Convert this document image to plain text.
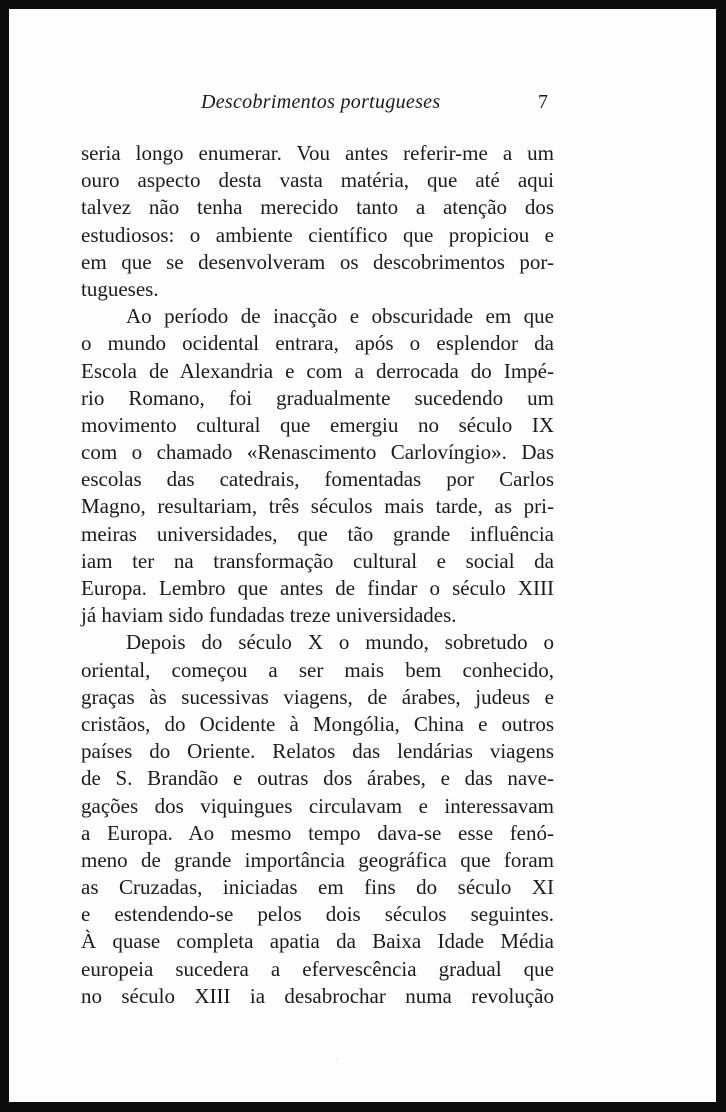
Descobrimentos portugueses	7
seria longo enumerar. Vou antes referir-me a um
ouro aspecto desta vasta matéria, que até aqui
talvez não tenha merecido tanto a atenção dos
estudiosos: o ambiente científico que propiciou e
em que se desenvolveram os descobrimentos por-
tugueses.
Ao período de inacção e obscuridade em que
o mundo ocidental entrara, após o esplendor da
Escola de Alexandria e com a derrocada do Impé-
rio Romano, foi gradualmente sucedendo um
movimento cultural que emergiu no século IX
com o chamado «Renascimento Carlovíngio». Das
escolas das catedrais, fomentadas por Carlos
Magno, resultariam, três séculos mais tarde, as pri-
meiras universidades, que tão grande influência
iam ter na transformação cultural e social da
Europa. Lembro que antes de findar o século XIII
já haviam sido fundadas treze universidades.
Depois do século X o mundo, sobretudo o
oriental, começou a ser mais bem conhecido,
graças às sucessivas viagens, de árabes, judeus e
cristãos, do Ocidente à Mongólia, China e outros
países do Oriente. Relatos das lendárias viagens
de S. Brandão e outras dos árabes, e das nave-
gações dos viquingues circulavam e interessavam
a Europa. Ao mesmo tempo dava-se esse fenó-
meno de grande importância geográfica que foram
as Cruzadas, iniciadas em fins do século XI
e estendendo-se pelos dois séculos seguintes.
À quase completa apatia da Baixa Idade Média
europeia sucedera a efervescência gradual que
no século XIII ia desabrochar numa revolução
·
